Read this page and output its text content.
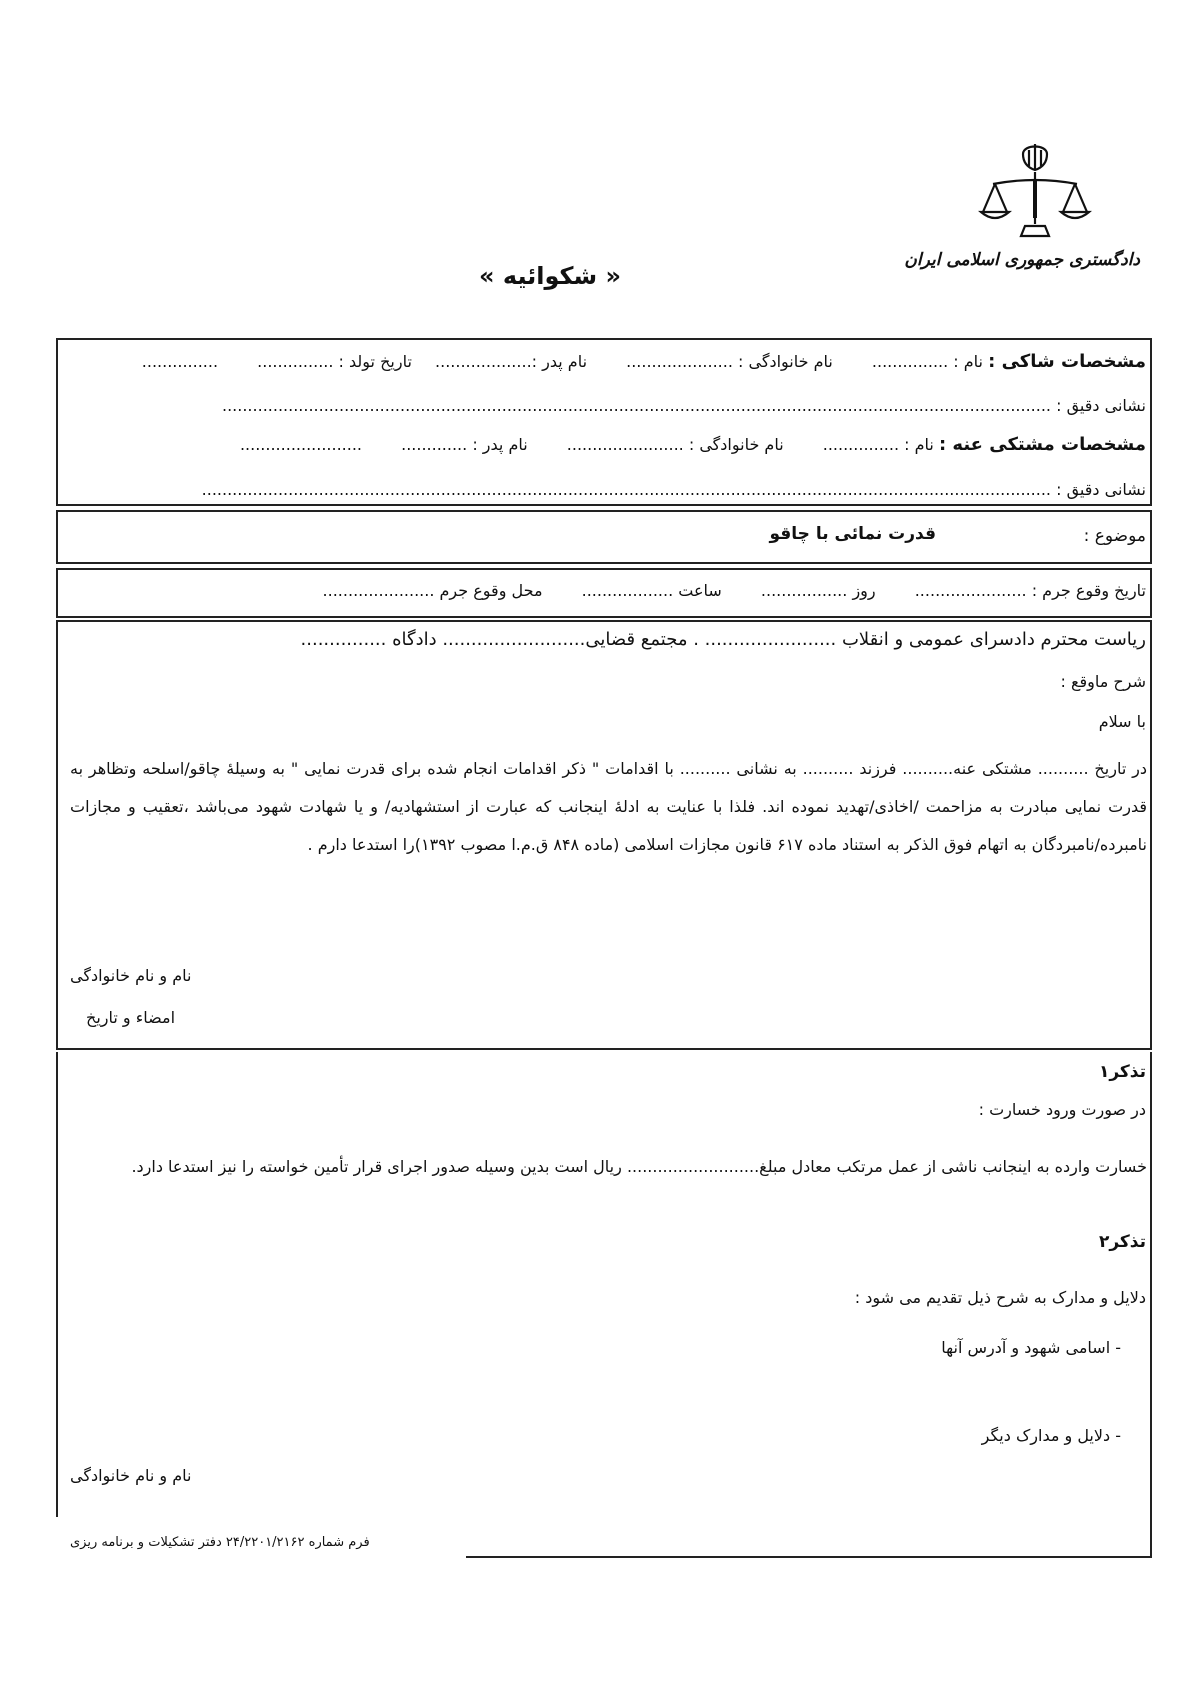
دادگستری جمهوری اسلامی ایران
« شکوائیه »
مشخصات شاکی : نام : ............... نام خانوادگی : ..................... نام پدر :................... تاریخ تولد : ............... ...............
نشانی دقیق : ...................................................................................................................................................................
مشخصات مشتکی عنه : نام : ............... نام خانوادگی : ....................... نام پدر : ............. ........................
نشانی دقیق : .......................................................................................................................................................................
موضوع :
قدرت نمائی با چاقو
تاریخ وقوع جرم : ...................... روز ................. ساعت .................. محل وقوع جرم ......................
ریاست محترم دادسرای عمومی و انقلاب ....................... . مجتمع قضایی......................... دادگاه ...............
شرح ماوقع :
با سلام
در تاریخ .......... مشتکی عنه.......... فرزند .......... به نشانی .......... با اقدامات " ذکر اقدامات انجام شده برای قدرت نمایی " به وسیلهٔ چاقو/اسلحه وتظاهر به قدرت نمایی مبادرت به مزاحمت /اخاذی/تهدید نموده اند. فلذا با عنایت به ادلهٔ اینجانب که عبارت از استشهادیه/ و یا شهادت شهود می‌باشد ،تعقیب و مجازات نامبرده/نامبردگان به اتهام فوق الذکر به استناد ماده ۶۱۷ قانون مجازات اسلامی (ماده ۸۴۸ ق.م.ا مصوب ۱۳۹۲)را استدعا دارم .
نام و نام خانوادگی
امضاء و تاریخ
تذکر۱
در صورت ورود خسارت :
خسارت وارده به اینجانب ناشی از عمل مرتکب معادل مبلغ.......................... ریال است بدین وسیله صدور اجرای قرار تأمین خواسته را نیز استدعا دارد.
تذکر۲
دلایل و مدارک به شرح ذیل تقدیم می شود :
- اسامی شهود و آدرس آنها
- دلایل و مدارک دیگر
نام و نام خانوادگی
فرم شماره ۲۴/۲۲۰۱/۲۱۶۲ دفتر تشکیلات و برنامه ریزی
